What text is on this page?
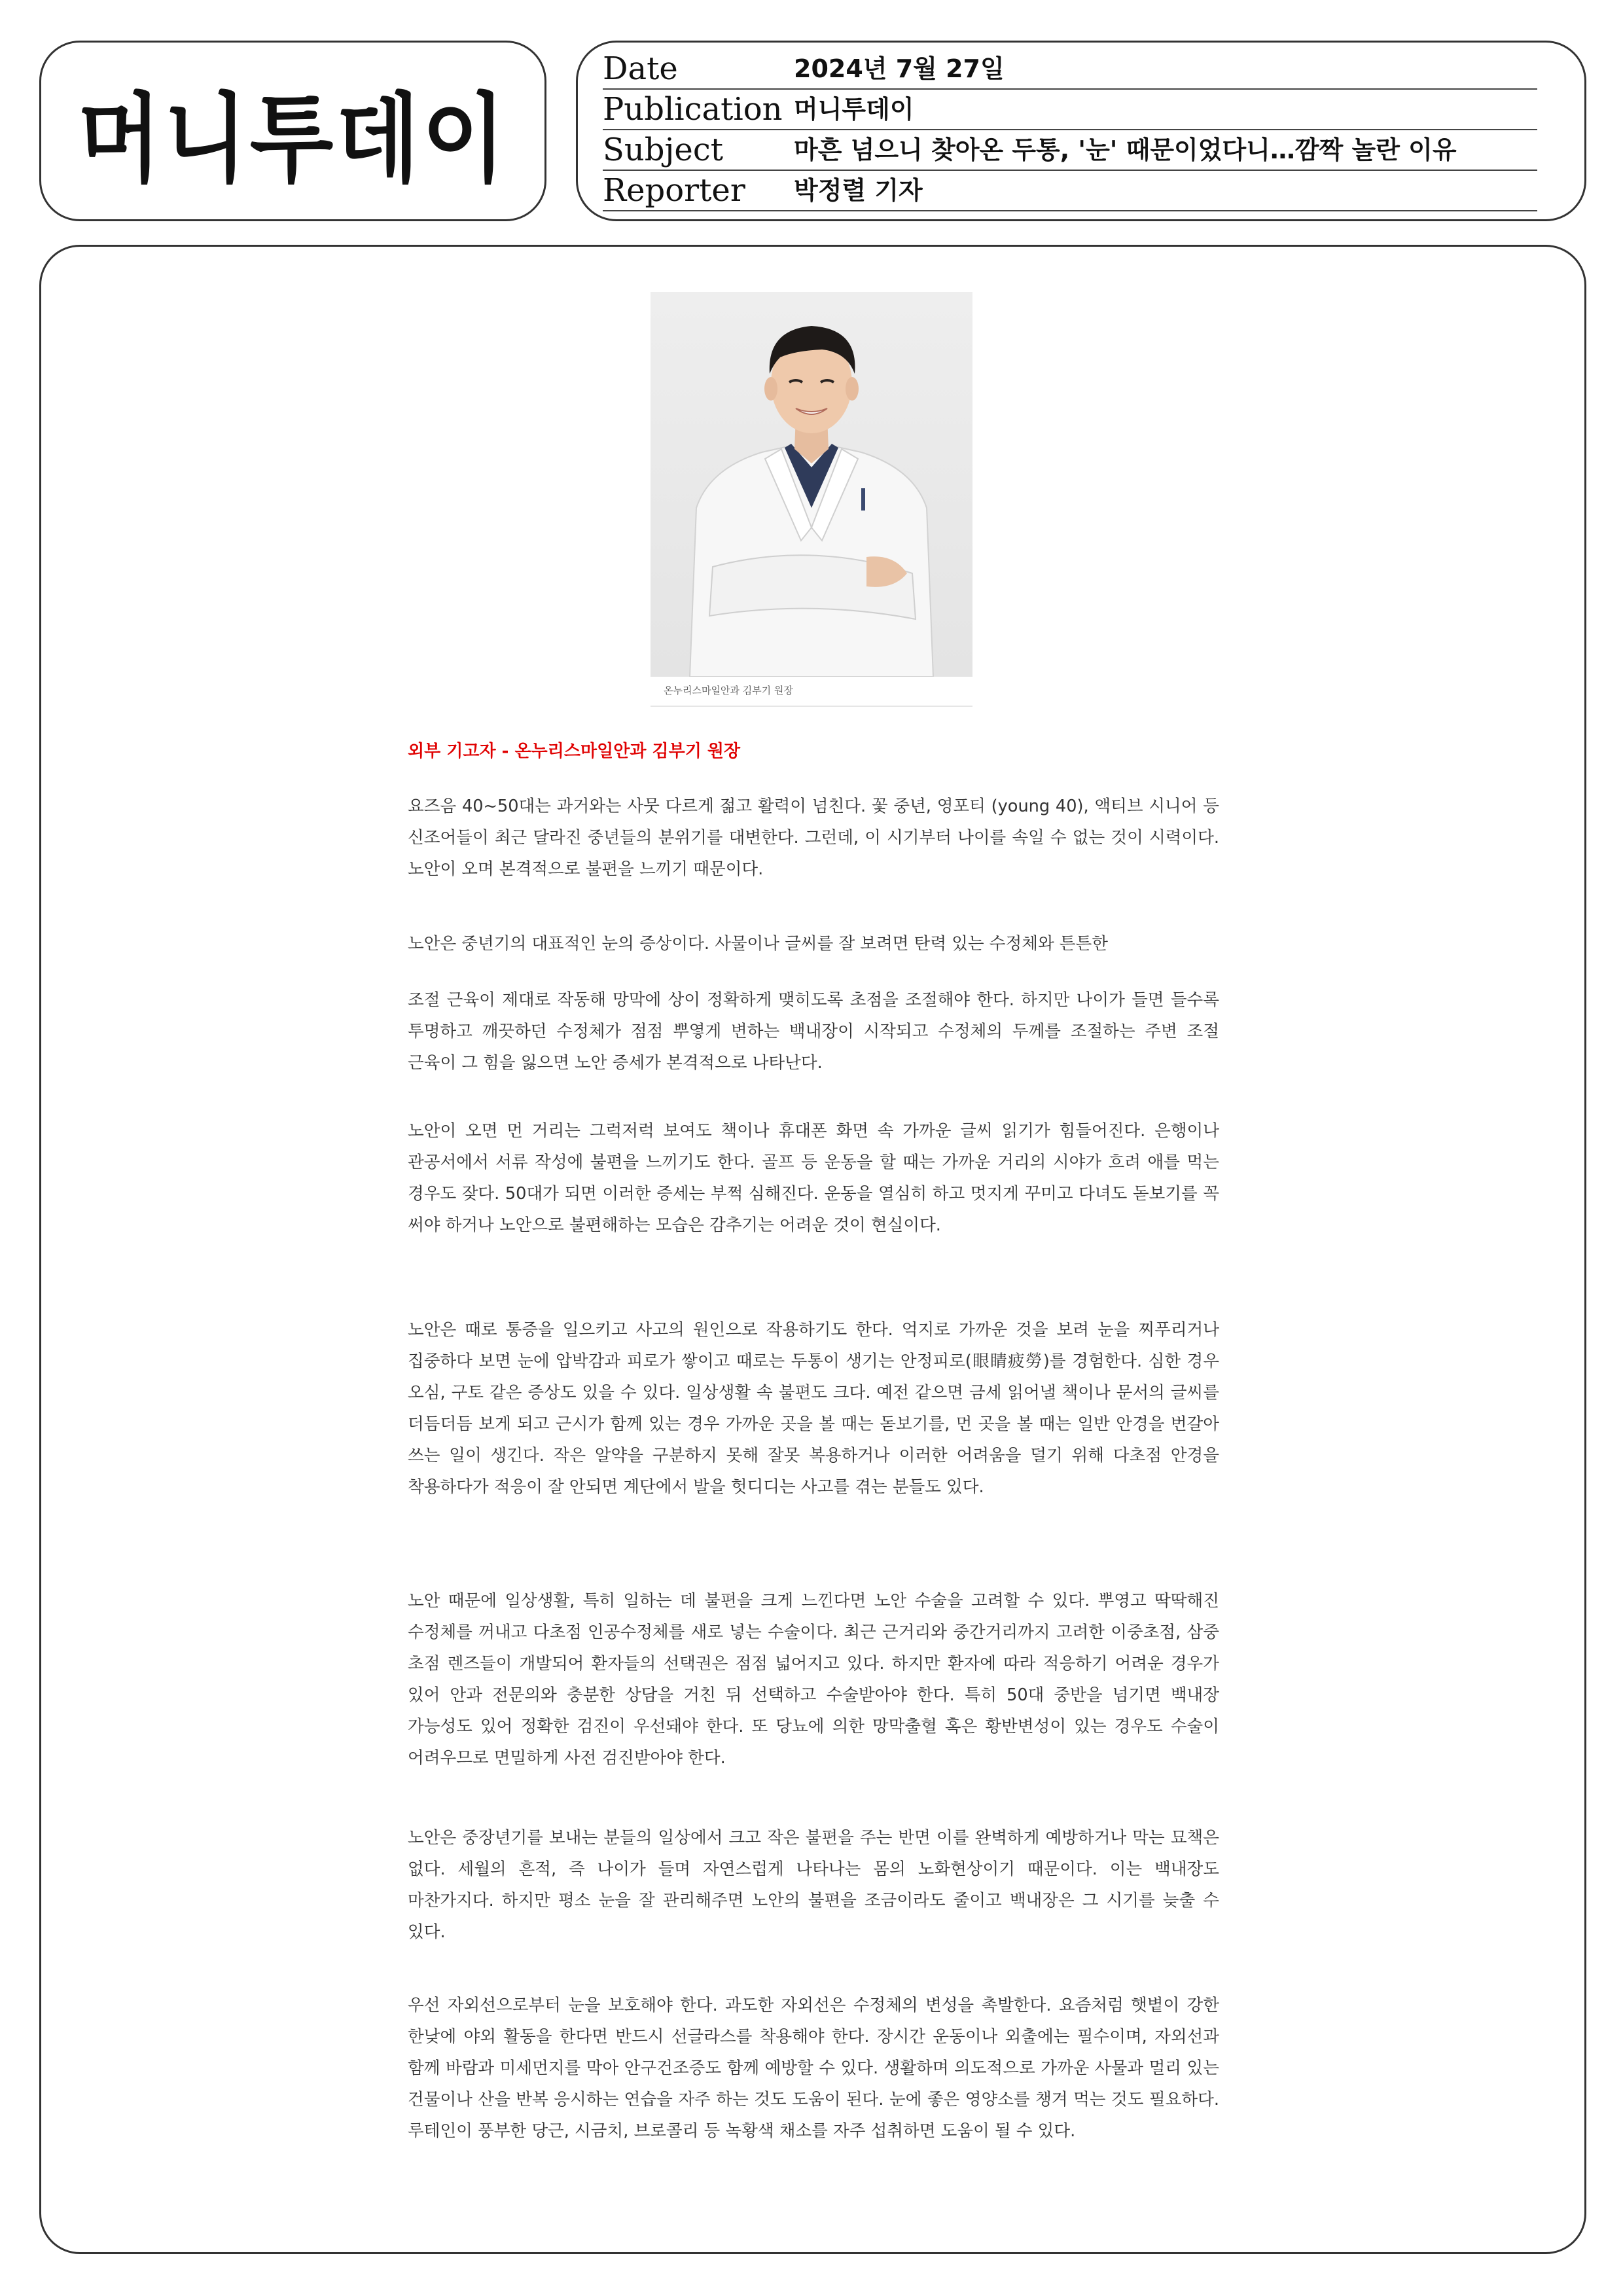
머니투데이
Date	2024년 7월 27일
Publication 머니투데이
Subject	마흔 넘으니 찾아온 두통, '눈' 때문이었다니…깜짝 놀란 이유
Reporter 박정렬 기자
온누리스마일안과 김부기 원장
외부 기고자 - 온누리스마일안과 김부기 원장
요즈음 40~50대는 과거와는 사뭇 다르게 젊고 활력이 넘친다. 꽃 중년, 영포티 (young 40), 액티브 시니어 등 신조어들이 최근 달라진 중년들의 분위기를 대변한다. 그런데, 이 시기부터 나이를 속일 수 없는 것이 시력이다. 노안이 오며 본격적으로 불편을 느끼기 때문이다.
노안은 중년기의 대표적인 눈의 증상이다. 사물이나 글씨를 잘 보려면 탄력 있는 수정체와 튼튼한
조절 근육이 제대로 작동해 망막에 상이 정확하게 맺히도록 초점을 조절해야 한다. 하지만 나이가 들면 들수록 투명하고 깨끗하던 수정체가 점점 뿌옇게 변하는 백내장이 시작되고 수정체의 두께를 조절하는 주변 조절 근육이 그 힘을 잃으면 노안 증세가 본격적으로 나타난다.
노안이 오면 먼 거리는 그럭저럭 보여도 책이나 휴대폰 화면 속 가까운 글씨 읽기가 힘들어진다. 은행이나 관공서에서 서류 작성에 불편을 느끼기도 한다. 골프 등 운동을 할 때는 가까운 거리의 시야가 흐려 애를 먹는 경우도 잦다. 50대가 되면 이러한 증세는 부쩍 심해진다. 운동을 열심히 하고 멋지게 꾸미고 다녀도 돋보기를 꼭 써야 하거나 노안으로 불편해하는 모습은 감추기는 어려운 것이 현실이다.
노안은 때로 통증을 일으키고 사고의 원인으로 작용하기도 한다. 억지로 가까운 것을 보려 눈을 찌푸리거나 집중하다 보면 눈에 압박감과 피로가 쌓이고 때로는 두통이 생기는 안정피로(眼睛疲勞)를 경험한다. 심한 경우 오심, 구토 같은 증상도 있을 수 있다. 일상생활 속 불편도 크다. 예전 같으면 금세 읽어낼 책이나 문서의 글씨를 더듬더듬 보게 되고 근시가 함께 있는 경우 가까운 곳을 볼 때는 돋보기를, 먼 곳을 볼 때는 일반 안경을 번갈아 쓰는 일이 생긴다. 작은 알약을 구분하지 못해 잘못 복용하거나 이러한 어려움을 덜기 위해 다초점 안경을 착용하다가 적응이 잘 안되면 계단에서 발을 헛디디는 사고를 겪는 분들도 있다.
노안 때문에 일상생활, 특히 일하는 데 불편을 크게 느낀다면 노안 수술을 고려할 수 있다. 뿌영고 딱딱해진 수정체를 꺼내고 다초점 인공수정체를 새로 넣는 수술이다. 최근 근거리와 중간거리까지 고려한 이중초점, 삼중 초점 렌즈들이 개발되어 환자들의 선택권은 점점 넓어지고 있다. 하지만 환자에 따라 적응하기 어려운 경우가 있어 안과 전문의와 충분한 상담을 거친 뒤 선택하고 수술받아야 한다. 특히 50대 중반을 넘기면 백내장 가능성도 있어 정확한 검진이 우선돼야 한다. 또 당뇨에 의한 망막출혈 혹은 황반변성이 있는 경우도 수술이 어려우므로 면밀하게 사전 검진받아야 한다.
노안은 중장년기를 보내는 분들의 일상에서 크고 작은 불편을 주는 반면 이를 완벽하게 예방하거나 막는 묘책은 없다. 세월의 흔적, 즉 나이가 들며 자연스럽게 나타나는 몸의 노화현상이기 때문이다. 이는 백내장도 마찬가지다. 하지만 평소 눈을 잘 관리해주면 노안의 불편을 조금이라도 줄이고 백내장은 그 시기를 늦출 수 있다.
우선 자외선으로부터 눈을 보호해야 한다. 과도한 자외선은 수정체의 변성을 촉발한다. 요즘처럼 햇볕이 강한 한낮에 야외 활동을 한다면 반드시 선글라스를 착용해야 한다. 장시간 운동이나 외출에는 필수이며, 자외선과 함께 바람과 미세먼지를 막아 안구건조증도 함께 예방할 수 있다. 생활하며 의도적으로 가까운 사물과 멀리 있는 건물이나 산을 반복 응시하는 연습을 자주 하는 것도 도움이 된다. 눈에 좋은 영양소를 챙겨 먹는 것도 필요하다. 루테인이 풍부한 당근, 시금치, 브로콜리 등 녹황색 채소를 자주 섭취하면 도움이 될 수 있다.
